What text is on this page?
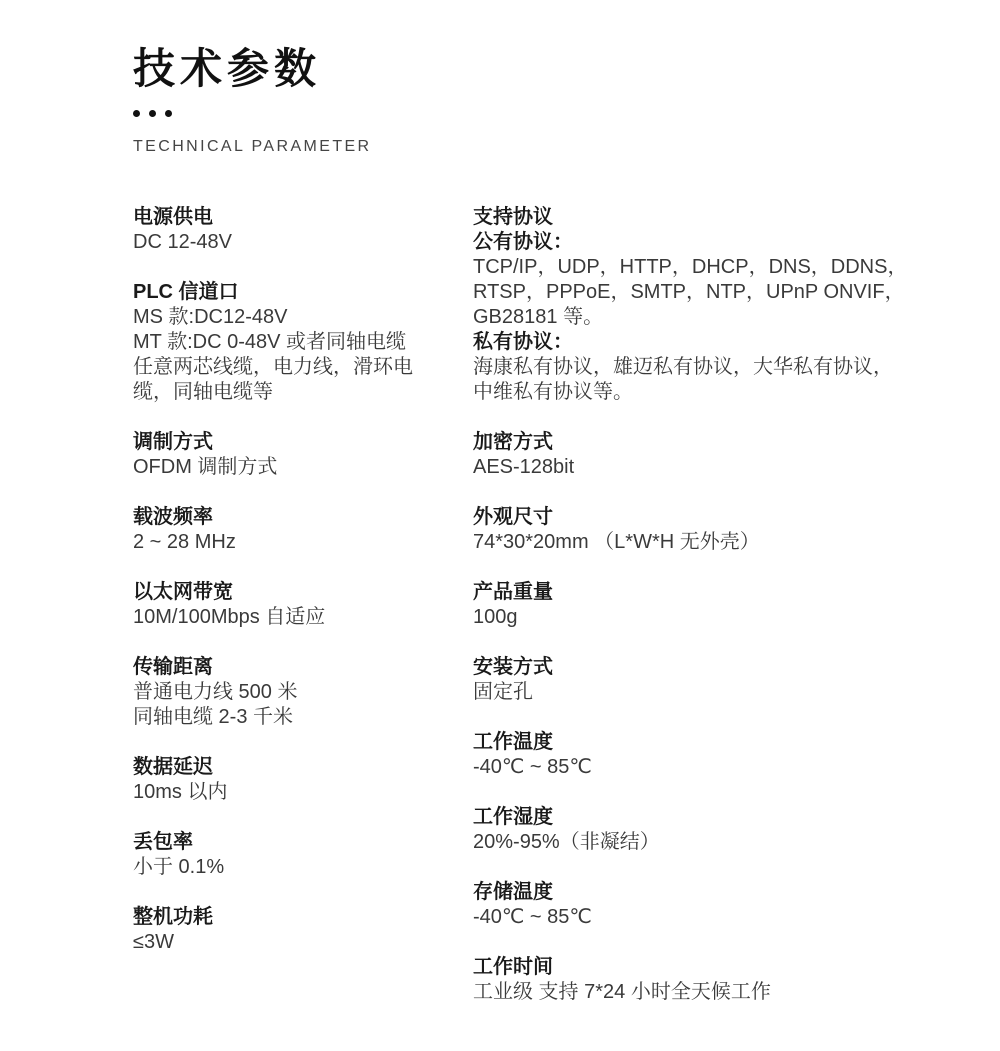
技术参数
TECHNICAL PARAMETER
电源供电
DC 12-48V
PLC 信道口
MS 款:DC12-48V
MT 款:DC 0-48V 或者同轴电缆
任意两芯线缆，电力线，滑环电
缆，同轴电缆等
调制方式
OFDM 调制方式
载波频率
2 ~ 28 MHz
以太网带宽
10M/100Mbps 自适应
传输距离
普通电力线 500 米
同轴电缆 2-3 千米
数据延迟
10ms 以内
丢包率
小于 0.1%
整机功耗
≤3W
支持协议
公有协议：
TCP/IP，UDP，HTTP，DHCP，DNS，DDNS，
RTSP，PPPoE，SMTP，NTP，UPnP ONVIF，
GB28181 等。
私有协议：
海康私有协议，雄迈私有协议，大华私有协议，
中维私有协议等。
加密方式
AES-128bit
外观尺寸
74*30*20mm （L*W*H 无外壳）
产品重量
100g
安装方式
固定孔
工作温度
-40℃ ~ 85℃
工作湿度
20%-95%（非凝结）
存储温度
-40℃ ~ 85℃
工作时间
工业级 支持 7*24 小时全天候工作
